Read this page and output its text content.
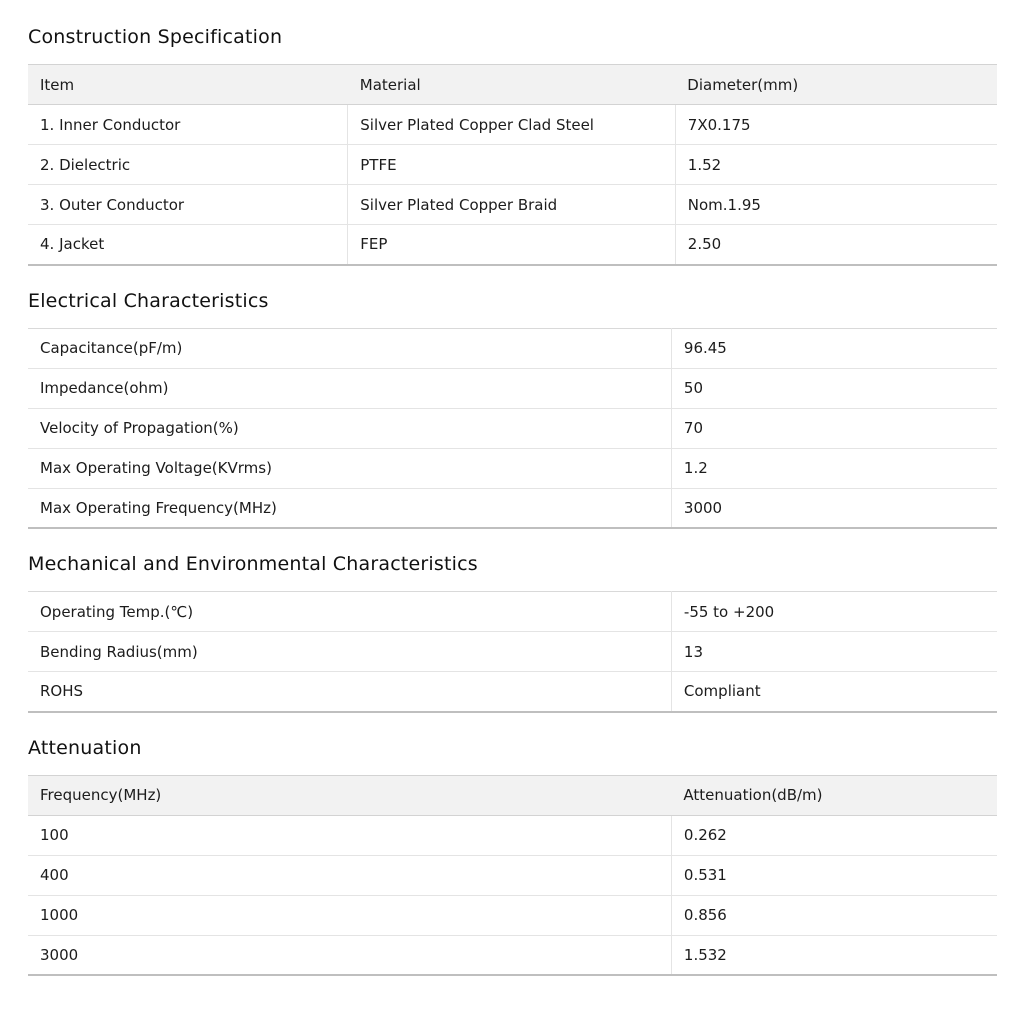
Construction Specification
Item	Material	Diameter(mm)
1. Inner Conductor	Silver Plated Copper Clad Steel	7X0.175
2. Dielectric	PTFE	1.52
3. Outer Conductor	Silver Plated Copper Braid	Nom.1.95
4. Jacket	FEP	2.50
Electrical Characteristics
Capacitance(pF/m)	96.45
Impedance(ohm)	50
Velocity of Propagation(%)	70
Max Operating Voltage(KVrms)	1.2
Max Operating Frequency(MHz)	3000
Mechanical and Environmental Characteristics
Operating Temp.(℃)	-55 to +200
Bending Radius(mm)	13
ROHS	Compliant
Attenuation
Frequency(MHz)	Attenuation(dB/m)
100	0.262
400	0.531
1000	0.856
3000	1.532
